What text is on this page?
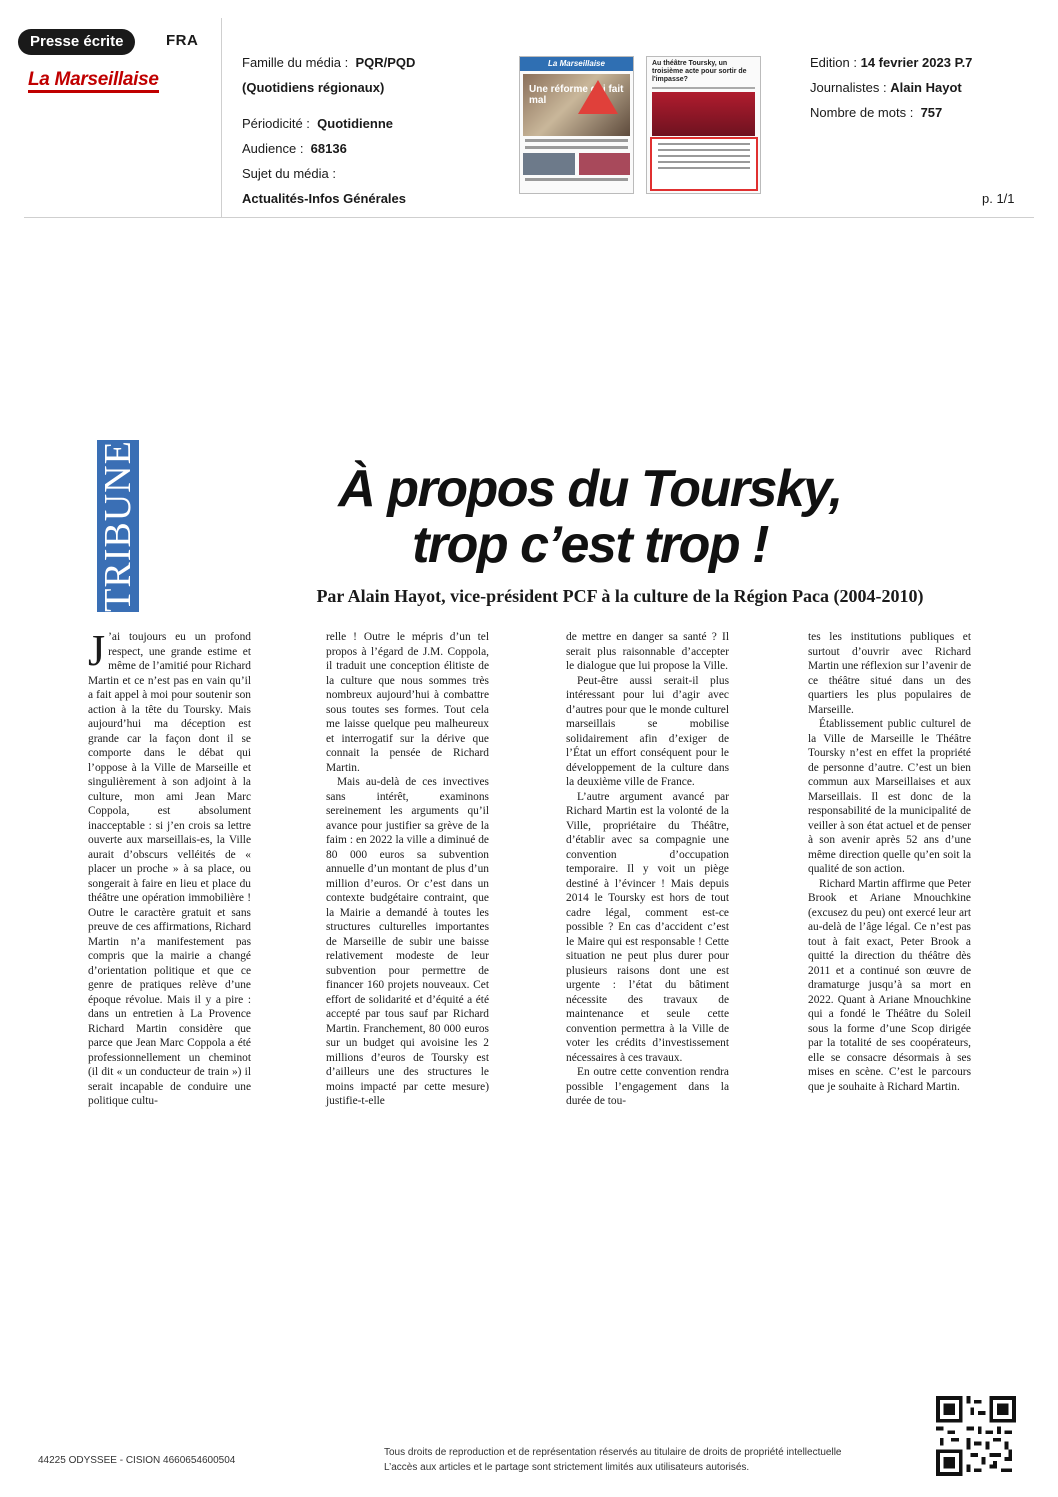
Presse écrite	FRA
La Marseillaise
Famille du média : PQR/PQD
(Quotidiens régionaux)
Périodicité : Quotidienne
Audience : 68136
Sujet du média :
Actualités-Infos Générales
La Marseillaise
Une réforme qui fait mal
Au théâtre Toursky, un troisième acte pour sortir de l'impasse?
Edition : 14 fevrier 2023 P.7
Journalistes : Alain Hayot
Nombre de mots : 757
p. 1/1
TRIBUNE	À propos du Toursky,
trop c’est trop !
Par Alain Hayot, vice-président PCF à la culture de la Région Paca (2004-2010)

J ’ai toujours eu un profond respect, une grande estime et même de l’amitié pour Richard Martin et ce n’est pas en vain qu’il a fait appel à moi pour soutenir son action à la tête du Toursky. Mais aujourd’hui ma déception est grande car la façon dont il se comporte dans le débat qui l’oppose à la Ville de Marseille et singulièrement à son adjoint à la culture, mon ami Jean Marc Coppola, est absolument inacceptable : si j’en crois sa lettre ouverte aux marseillais-es, la Ville aurait d’obscurs velléités de « placer un proche » à sa place, ou songerait à faire en lieu et place du théâtre une opération immobilière ! Outre le caractère gratuit et sans preuve de ces affirmations, Richard Martin n’a manifestement pas compris que la mairie a changé d’orientation politique et que ce genre de pratiques relève d’une époque révolue. Mais il y a pire : dans un entretien à La Provence Richard Martin considère que parce que Jean Marc Coppola a été professionnellement un cheminot (il dit « un conducteur de train ») il serait incapable de conduire une politique cultu-

relle ! Outre le mépris d’un tel propos à l’égard de J.M. Coppola, il traduit une conception élitiste de la culture que nous sommes très nombreux aujourd’hui à combattre sous toutes ses formes. Tout cela me laisse quelque peu malheureux et interrogatif sur la dérive que connait la pensée de Richard Martin.

Mais au-delà de ces invectives sans intérêt, examinons sereinement les arguments qu’il avance pour justifier sa grève de la faim : en 2022 la ville a diminué de 80 000 euros sa subvention annuelle d’un montant de plus d’un million d’euros. Or c’est dans un contexte budgétaire contraint, que la Mairie a demandé à toutes les structures culturelles importantes de Marseille de subir une baisse relativement modeste de leur subvention pour permettre de financer 160 projets nouveaux. Cet effort de solidarité et d’équité a été accepté par tous sauf par Richard Martin. Franchement, 80 000 euros sur un budget qui avoisine les 2 millions d’euros de Toursky est d’ailleurs une des structures le moins impacté par cette mesure) justifie-t-elle

de mettre en danger sa santé ? Il serait plus raisonnable d’accepter le dialogue que lui propose la Ville.

Peut-être aussi serait-il plus intéressant pour lui d’agir avec d’autres pour que le monde culturel marseillais se mobilise solidairement afin d’exiger de l’État un effort conséquent pour le développement de la culture dans la deuxième ville de France.

L’autre argument avancé par Richard Martin est la volonté de la Ville, propriétaire du Théâtre, d’établir avec sa compagnie une convention d’occupation temporaire. Il y voit un piège destiné à l’évincer ! Mais depuis 2014 le Toursky est hors de tout cadre légal, comment est-ce possible ? En cas d’accident c’est le Maire qui est responsable ! Cette situation ne peut plus durer pour plusieurs raisons dont une est urgente : l’état du bâtiment nécessite des travaux de maintenance et seule cette convention permettra à la Ville de voter les crédits d’investissement nécessaires à ces travaux.

En outre cette convention rendra possible l’engagement dans la durée de tou-

tes les institutions publiques et surtout d’ouvrir avec Richard Martin une réflexion sur l’avenir de ce théâtre situé dans un des quartiers les plus populaires de Marseille.

Établissement public culturel de la Ville de Marseille le Théâtre Toursky n’est en effet la propriété de personne d’autre. C’est un bien commun aux Marseillaises et aux Marseillais. Il est donc de la responsabilité de la municipalité de veiller à son état actuel et de penser à son avenir après 52 ans d’une même direction quelle qu’en soit la qualité de son action.

Richard Martin affirme que Peter Brook et Ariane Mnouchkine (excusez du peu) ont exercé leur art au-delà de l’âge légal. Ce n’est pas tout à fait exact, Peter Brook a quitté la direction du théâtre dès 2011 et a continué son œuvre de dramaturge jusqu’à sa mort en 2022. Quant à Ariane Mnouchkine qui a fondé le Théâtre du Soleil sous la forme d’une Scop dirigée par la totalité de ses coopérateurs, elle se consacre désormais à ses mises en scène. C’est le parcours que je souhaite à Richard Martin.

44225 ODYSSEE - CISION 4660654600504
Tous droits de reproduction et de représentation réservés au titulaire de droits de propriété intellectuelle
L’accès aux articles et le partage sont strictement limités aux utilisateurs autorisés.
